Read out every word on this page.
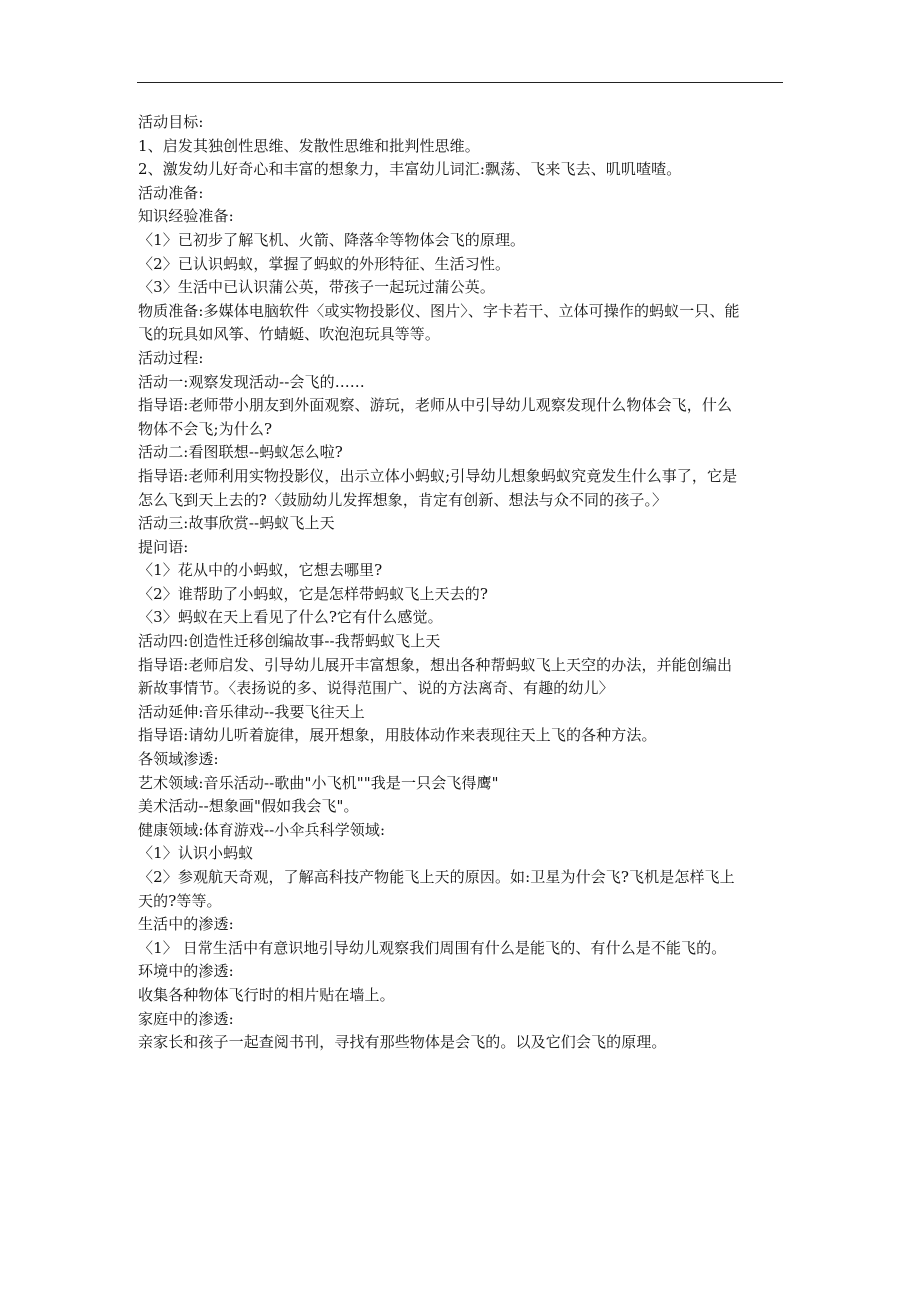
活动目标:
1、启发其独创性思维、发散性思维和批判性思维。
2、激发幼儿好奇心和丰富的想象力，丰富幼儿词汇:飘荡、飞来飞去、叽叽喳喳。
活动准备:
知识经验准备:
〈1〉已初步了解飞机、火箭、降落伞等物体会飞的原理。
〈2〉已认识蚂蚁，掌握了蚂蚁的外形特征、生活习性。
〈3〉生活中已认识蒲公英，带孩子一起玩过蒲公英。
物质准备:多媒体电脑软件〈或实物投影仪、图片〉、字卡若干、立体可操作的蚂蚁一只、能
飞的玩具如风筝、竹蜻蜓、吹泡泡玩具等等。
活动过程:
活动一:观察发现活动--会飞的……
指导语:老师带小朋友到外面观察、游玩，老师从中引导幼儿观察发现什么物体会飞，什么
物体不会飞;为什么?
活动二:看图联想--蚂蚁怎么啦?
指导语:老师利用实物投影仪，出示立体小蚂蚁;引导幼儿想象蚂蚁究竟发生什么事了，它是
怎么飞到天上去的?〈鼓励幼儿发挥想象，肯定有创新、想法与众不同的孩子。〉
活动三:故事欣赏--蚂蚁飞上天
提问语:
〈1〉花从中的小蚂蚁，它想去哪里?
〈2〉谁帮助了小蚂蚁，它是怎样带蚂蚁飞上天去的?
〈3〉蚂蚁在天上看见了什么?它有什么感觉。
活动四:创造性迁移创编故事--我帮蚂蚁飞上天
指导语:老师启发、引导幼儿展开丰富想象，想出各种帮蚂蚁飞上天空的办法，并能创编出
新故事情节。〈表扬说的多、说得范围广、说的方法离奇、有趣的幼儿〉
活动延伸:音乐律动--我要飞往天上
指导语:请幼儿听着旋律，展开想象，用肢体动作来表现往天上飞的各种方法。
各领域渗透:
艺术领域:音乐活动--歌曲"小飞机""我是一只会飞得鹰"
美术活动--想象画"假如我会飞"。
健康领域:体育游戏--小伞兵科学领域:
〈1〉认识小蚂蚁
〈2〉参观航天奇观，了解高科技产物能飞上天的原因。如:卫星为什会飞?飞机是怎样飞上
天的?等等。
生活中的渗透:
〈1〉 日常生活中有意识地引导幼儿观察我们周围有什么是能飞的、有什么是不能飞的。
环境中的渗透:
收集各种物体飞行时的相片贴在墙上。
家庭中的渗透:
亲家长和孩子一起查阅书刊，寻找有那些物体是会飞的。以及它们会飞的原理。
